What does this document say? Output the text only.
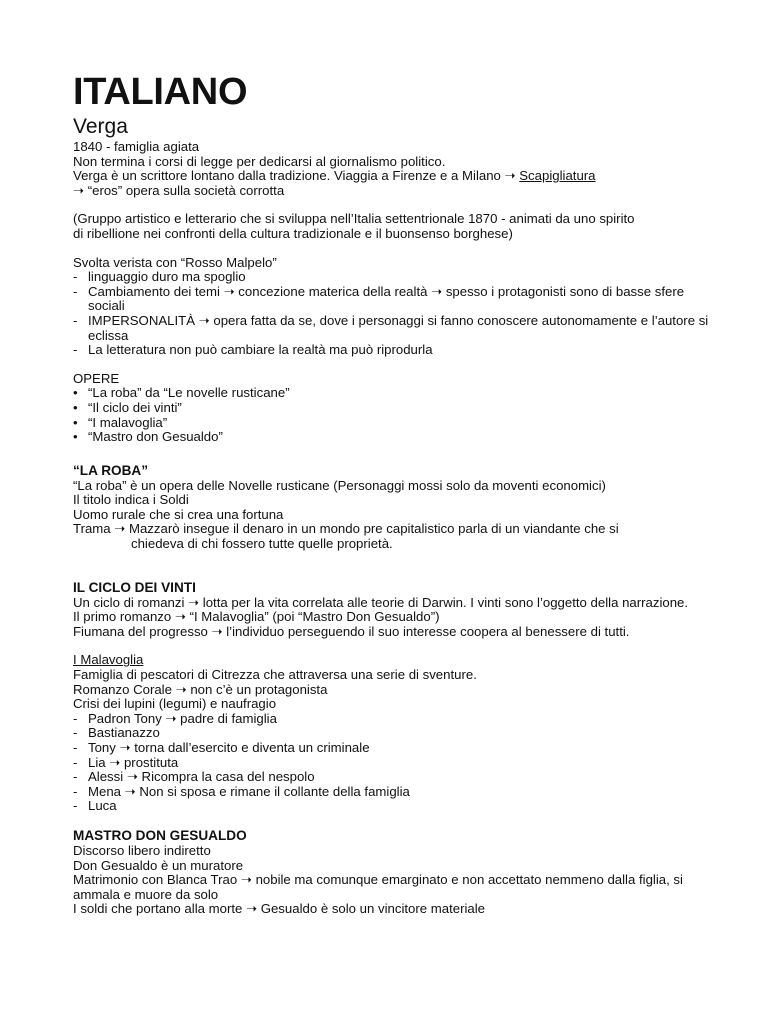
ITALIANO
Verga

1840 - famiglia agiata

Non termina i corsi di legge per dedicarsi al giornalismo politico.

Verga è un scrittore lontano dalla tradizione. Viaggia a Firenze e a Milano ➝ Scapigliatura

➝ “eros” opera sulla società corrotta

(Gruppo artistico e letterario che si sviluppa nell’Italia settentrionale 1870 - animati da uno spirito

di ribellione nei confronti della cultura tradizionale e il buonsenso borghese)

Svolta verista con “Rosso Malpelo”

- linguaggio duro ma spoglio
- Cambiamento dei temi ➝ concezione materica della realtà ➝ spesso i protagonisti sono di basse sfere sociali
- IMPERSONALITÀ ➝ opera fatta da se, dove i personaggi si fanno conoscere autonomamente e l’autore si eclissa
- La letteratura non può cambiare la realtà ma può riprodurla

OPERE

• “La roba” da “Le novelle rusticane”
• “Il ciclo dei vinti”
• “I malavoglia”
• “Mastro don Gesualdo”
“LA ROBA”

“La roba” è un opera delle Novelle rusticane (Personaggi mossi solo da moventi economici)

Il titolo indica i Soldi

Uomo rurale che si crea una fortuna

Trama ➝ Mazzarò insegue il denaro in un mondo pre capitalistico parla di un viandante che si

chiedeva di chi fossero tutte quelle proprietà.

IL CICLO DEI VINTI

Un ciclo di romanzi ➝ lotta per la vita correlata alle teorie di Darwin. I vinti sono l’oggetto della narrazione.

Il primo romanzo ➝ “I Malavoglia” (poi “Mastro Don Gesualdo”)

Fiumana del progresso ➝ l’individuo perseguendo il suo interesse coopera al benessere di tutti.

I Malavoglia

Famiglia di pescatori di Citrezza che attraversa una serie di sventure.

Romanzo Corale ➝ non c’è un protagonista

Crisi dei lupini (legumi) e naufragio

- Padron Tony ➝ padre di famiglia
- Bastianazzo
- Tony ➝ torna dall’esercito e diventa un criminale
- Lia ➝ prostituta
- Alessi ➝ Ricompra la casa del nespolo
- Mena ➝ Non si sposa e rimane il collante della famiglia
- Luca
MASTRO DON GESUALDO

Discorso libero indiretto

Don Gesualdo è un muratore

Matrimonio con Blanca Trao ➝ nobile ma comunque emarginato e non accettato nemmeno dalla figlia, si ammala e muore da solo

I soldi che portano alla morte ➝ Gesualdo è solo un vincitore materiale
